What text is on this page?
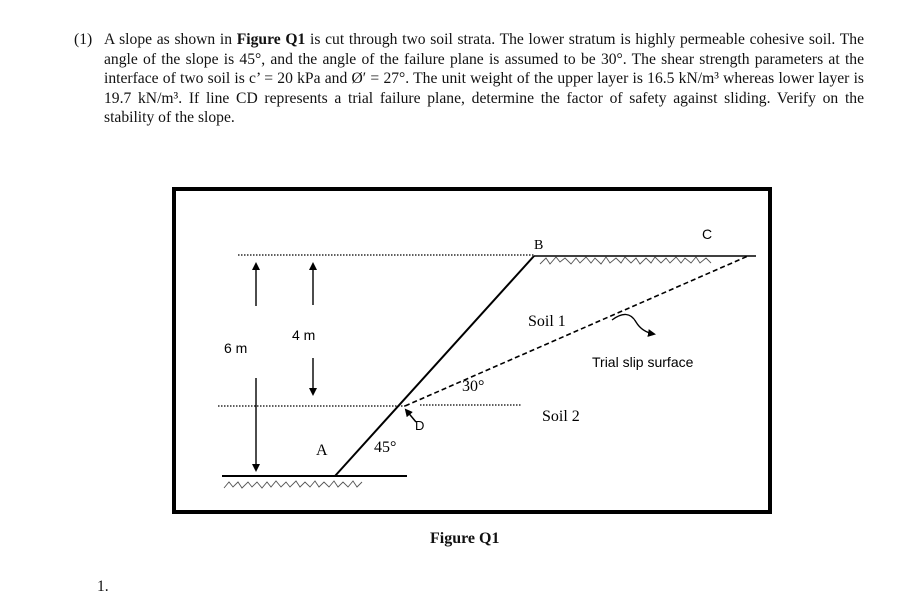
(1) A slope as shown in Figure Q1 is cut through two soil strata. The lower stratum is highly permeable cohesive soil. The angle of the slope is 45°, and the angle of the failure plane is assumed to be 30°. The shear strength parameters at the interface of two soil is c’ = 20 kPa and Ø′ = 27°. The unit weight of the upper layer is 16.5 kN/m³ whereas lower layer is 19.7 kN/m³. If line CD represents a trial failure plane, determine the factor of safety against sliding. Verify on the stability of the slope.
6 m
4 m
B
C
A
D
30°
45°
Soil 1
Soil 2
Trial slip surface
Figure Q1
1.
